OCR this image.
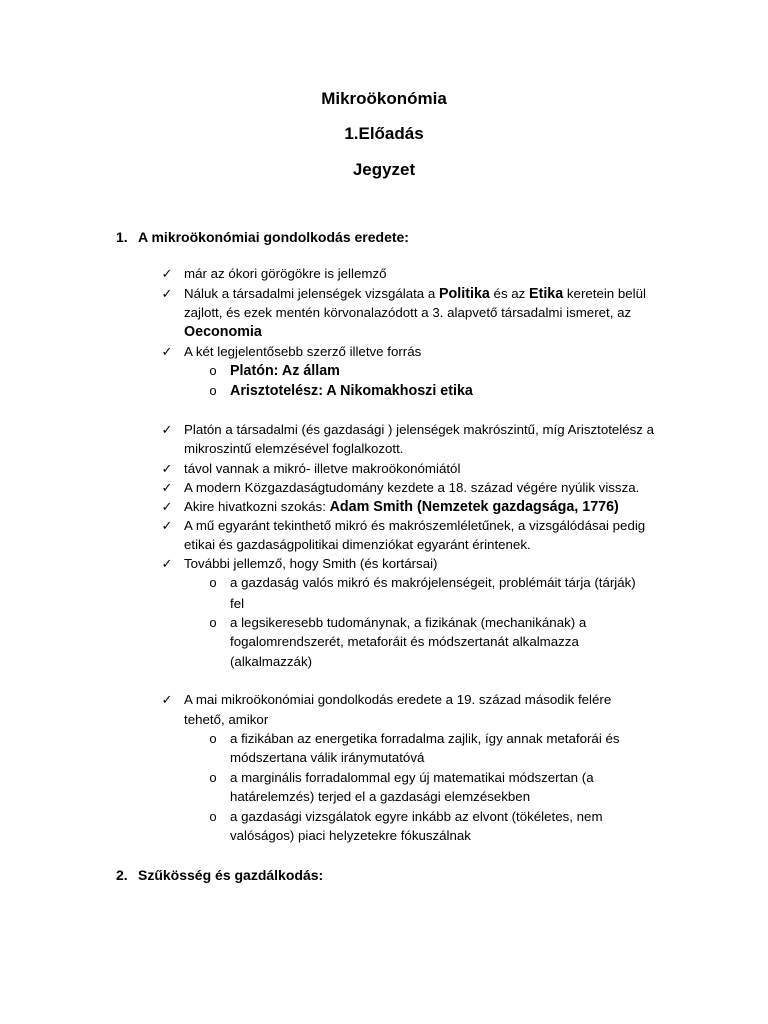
Mikroökonómia
1.Előadás
Jegyzet
1. A mikroökonómiai gondolkodás eredete:
✓ már az ókori görögökre is jellemző
✓ Náluk a társadalmi jelenségek vizsgálata a Politika és az Etika keretein belül
zajlott, és ezek mentén körvonalazódott a 3. alapvető társadalmi ismeret, az
Oeconomia
✓ A két legjelentősebb szerző illetve forrás
o Platón: Az állam
o Arisztotelész: A Nikomakhoszi etika
✓ Platón a társadalmi (és gazdasági ) jelenségek makrószintű, míg Arisztotelész a
mikroszintű elemzésével foglalkozott.
✓ távol vannak a mikró- illetve makroökonómiától
✓ A modern Közgazdaságtudomány kezdete a 18. század végére nyúlik vissza.
✓ Akire hivatkozni szokás: Adam Smith (Nemzetek gazdagsága, 1776)
✓ A mű egyaránt tekinthető mikró és makrószemléletűnek, a vizsgálódásai pedig
etikai és gazdaságpolitikai dimenziókat egyaránt érintenek.
✓ További jellemző, hogy Smith (és kortársai)
o a gazdaság valós mikró és makrójelenségeit, problémáit tárja (tárják)
fel
o a legsikeresebb tudománynak, a fizikának (mechanikának) a
fogalomrendszerét, metaforáit és módszertanát alkalmazza
(alkalmazzák)
✓ A mai mikroökonómiai gondolkodás eredete a 19. század második felére
tehető, amikor
o a fizikában az energetika forradalma zajlik, így annak metaforái és
módszertana válik iránymutatóvá
o a marginális forradalommal egy új matematikai módszertan (a
határelemzés) terjed el a gazdasági elemzésekben
o a gazdasági vizsgálatok egyre inkább az elvont (tökéletes, nem
valóságos) piaci helyzetekre fókuszálnak
2. Szűkösség és gazdálkodás:
